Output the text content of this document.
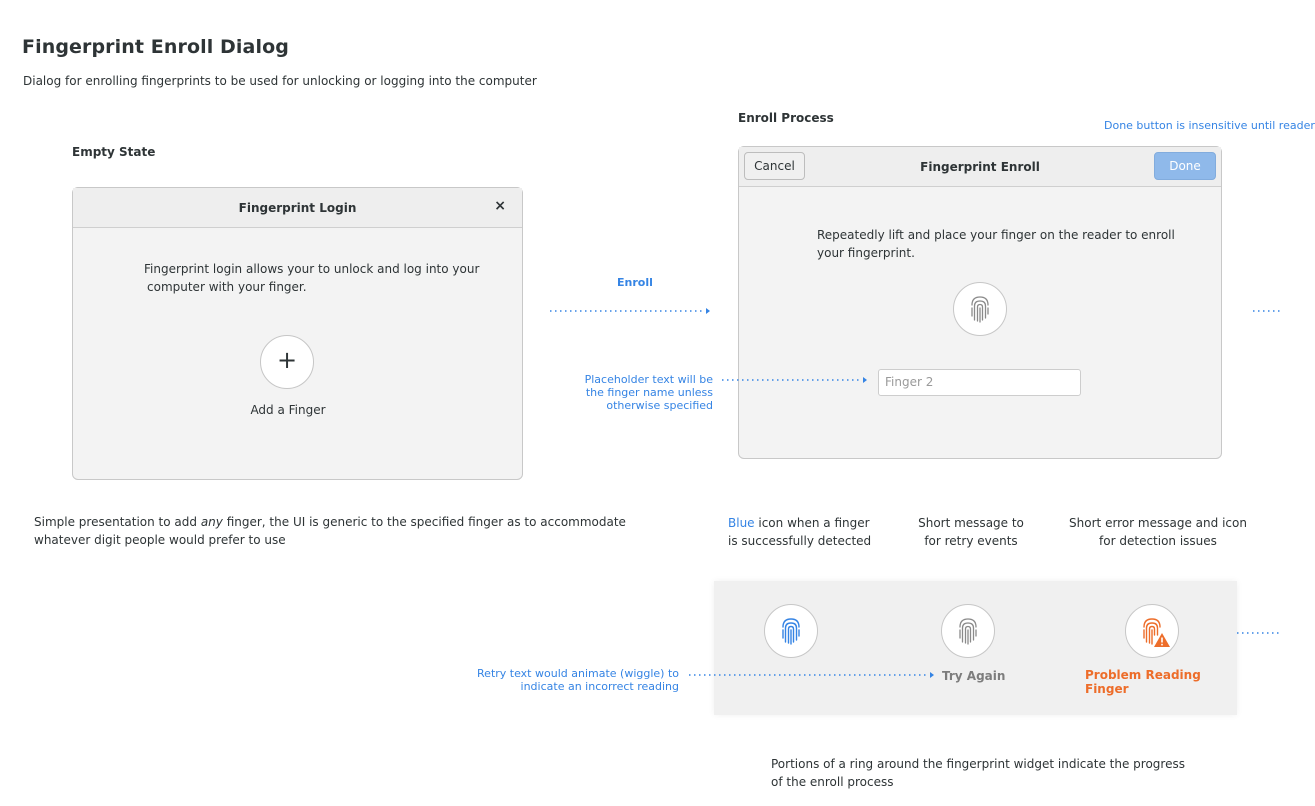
Fingerprint Enroll Dialog
Dialog for enrolling fingerprints to be used for unlocking or logging into the computer
Empty State
Fingerprint Login	×
Fingerprint login allows your to unlock and log into your
computer with your finger.
+
Add a Finger
Simple presentation to add any finger, the UI is generic to the specified finger as to accommodate
whatever digit people would prefer to use
Enroll
Enroll Process
Done button is insensitive until reader
Cancel	Fingerprint Enroll	Done
Repeatedly lift and place your finger on the reader to enroll
your fingerprint.
Finger 2
Placeholder text will be
the finger name unless
otherwise specified
Blue icon when a finger
is successfully detected
Short message to
for retry events
Short error message and icon
for detection issues
Try Again	Problem Reading Finger
Retry text would animate (wiggle) to
indicate an incorrect reading
Portions of a ring around the fingerprint widget indicate the progress
of the enroll process
